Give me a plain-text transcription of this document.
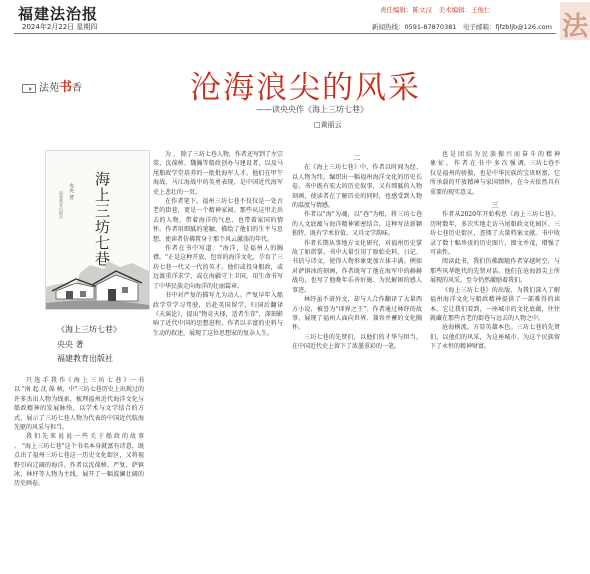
福建法治报
2024年2月22日 星期四
责任编辑：陈文汉　美术编辑：王俊仁
新闻热线：0591-87870381　电子邮箱：fjfzbljb@126.com 法
法苑书香	沧海浪尖的风采
——读央央作《海上三坊七巷》
□黄丽云
海上三坊七巷
央央 著
福建教育出版社
《海上三坊七巷》
央央 著
福建教育出版社

只 选 手 我 作《 海 上 三 坊 七 巷 》一 书 以 "南 起 沈 葆 桢，中"三坊七巷历史上出现过的许多杰出人物为线索，梳理福州近代海洋文化与船政精神的发展脉络，以学术与文学结合的方式，展示了三坊七巷人物为代表的中国近代航海先驱的风采与担当。

我 们 先 来 说 说 一 些 关 于 船 政 的 故 事 。 "海上三坊七巷"这个书名本身就富有诗意，既点出了福州三坊七巷这一历史文化街区，又将视野引向辽阔的海洋。作者以沈葆桢、严复、萨镇冰、林纾等人物为主线，展开了一幅波澜壮阔的历史画卷。

为 、 除了三坊七巷人物，作者还写到了左宗棠、沈葆桢、魏瀚等船政创办与建设者，以及马尾船政学堂培养的一批批海军人才。他们在甲午海战、马江海战中的英勇表现，是中国近代海军史上悲壮的一页。

在作者笔下，福州三坊七巷不仅仅是一处古老的街巷，更是一个精神家园。那些从这里走出去的人物，带着海洋的气息，也带着家国的情怀。作者用细腻的笔触，描绘了他们的生平与思想，使读者仿佛置身于那个风云激荡的年代。

作者在书中写道："海洋，是福州人的胸襟。"正是这种开放、包容的海洋文化，孕育了三坊七巷一代又一代的英才。他们或投身船政，或远渡重洋求学，或在海疆守土卫国，用生命书写了中华民族走向海洋的壮丽篇章。

书中对严复的描写尤为动人。严复早年入船政学堂学习驾驶，后赴英国留学，归国后翻译《天演论》，提出"物竞天择，适者生存"，深刻影响了近代中国的思想进程。作者以丰富的史料与生动的叙述，展现了这位思想家的复杂人生。

二

在《海上三坊七巷》中，作者以时间为经、以人物为纬，编织出一幅福州海洋文化的历史长卷。书中既有宏大的历史叙事，又有细腻的人物刻画，使读者在了解历史的同时，也感受到人物的温度与情感。

作者以"海"为魂，以"巷"为根，将三坊七巷的人文底蕴与海洋精神紧密结合。这种写法新颖独特，既有学术价值，又具文学韵味。

作者长期从事地方文化研究，对福州历史掌故了如指掌。书中大量引用了原始史料、日记、书信与诗文，使得人物形象更加立体丰满。例如对萨镇冰的刻画，作者既写了他在海军中的赫赫战功，也写了他晚年乐善好施、为民解困的感人事迹。

林纾虽不谙外文，却与人合作翻译了大量西方小说，被誉为"译界之王"。作者通过林纾的故事，展现了福州人面向世界、兼容并蓄的文化胸怀。

三坊七巷的先贤们，以他们的才华与担当，在中国近代史上留下了浓墨重彩的一笔。

也 是 团 结 为 民 族 振 兴 而 奋 斗 的 精 神 象 征 。 作 者 在 书 中 多 次 强 调，三坊七巷不仅是福州的骄傲，也是中华民族的宝贵财富。它所承载的开放精神与家国情怀，在今天依然具有重要的现实意义。

三

作者从2020年开始构思《海上三坊七巷》，历时数年，多次实地走访马尾船政文化园区、三坊七巷历史街区，查阅了大量档案文献。书中收录了数十幅珍贵的历史图片，图文并茂，增强了可读性。

阅读此书，我们仿佛跟随作者穿越时空，与那些风华绝代的先贤对话。他们在沧海浪尖上所展现的风采，至今仍然激励着我们。

《海上三坊七巷》的出版，为我们深入了解福州海洋文化与船政精神提供了一部难得的读本。它让我们看到，一座城市的文化底蕴，往往就藏在那些古老的街巷与远去的人物之中。

沧海横流，方显英雄本色。三坊七巷的先贤们，以他们的风采，为这座城市、为这个民族留下了永恒的精神财富。
